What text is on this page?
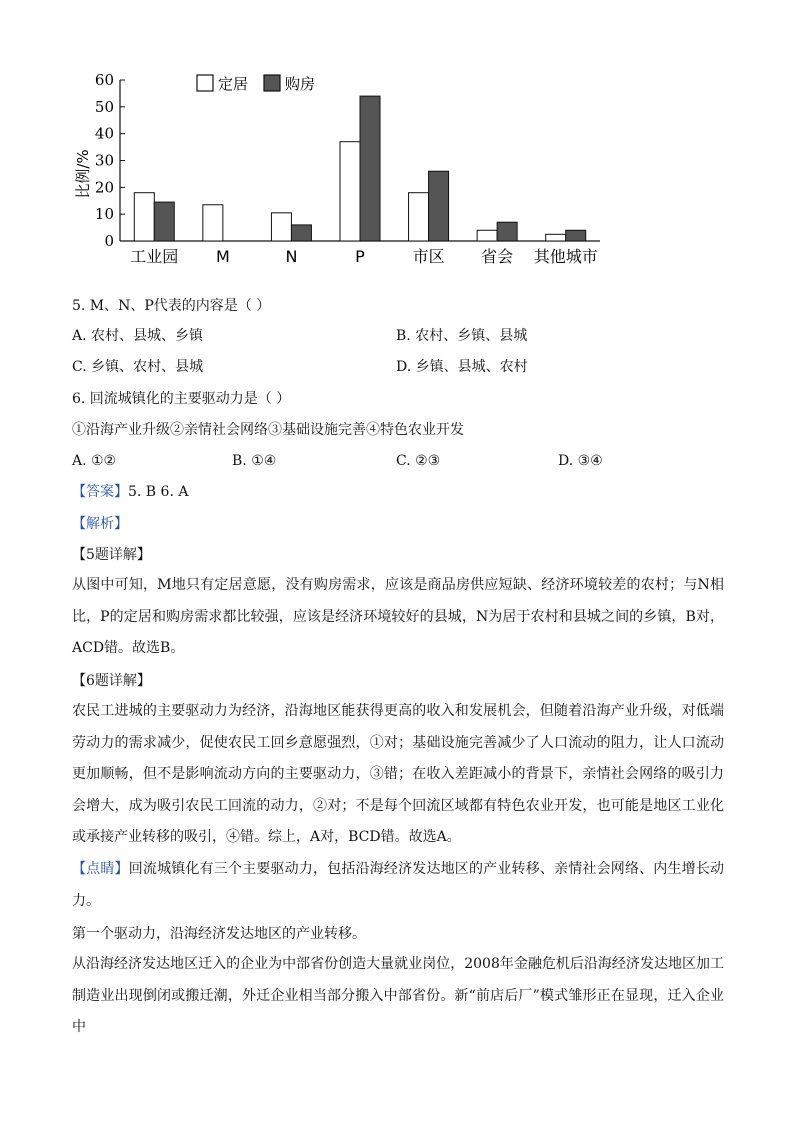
0
10
20
30
40
50
60
工业园 M	N	P	市区 省会 其他城市
定居 购房
比例/%
5. M、N、P代表的内容是（ ）
A. 农村、县城、乡镇	B. 农村、乡镇、县城
C. 乡镇、农村、县城	D. 乡镇、县城、农村
6. 回流城镇化的主要驱动力是（ ）
①沿海产业升级②亲情社会网络③基础设施完善④特色农业开发
A. ①②	B. ①④	C. ②③	D. ③④
【答案】5. B 6. A
【解析】
【5题详解】
从图中可知，M地只有定居意愿，没有购房需求，应该是商品房供应短缺、经济环境较差的农村；与N相比，P的定居和购房需求都比较强，应该是经济环境较好的县城，N为居于农村和县城之间的乡镇，B对，ACD错。故选B。
【6题详解】
农民工进城的主要驱动力为经济，沿海地区能获得更高的收入和发展机会，但随着沿海产业升级，对低端劳动力的需求减少，促使农民工回乡意愿强烈，①对；基础设施完善减少了人口流动的阻力，让人口流动更加顺畅，但不是影响流动方向的主要驱动力，③错；在收入差距减小的背景下，亲情社会网络的吸引力会增大，成为吸引农民工回流的动力，②对；不是每个回流区域都有特色农业开发，也可能是地区工业化或承接产业转移的吸引，④错。综上，A对，BCD错。故选A。
【点睛】回流城镇化有三个主要驱动力，包括沿海经济发达地区的产业转移、亲情社会网络、内生增长动力。
第一个驱动力，沿海经济发达地区的产业转移。
从沿海经济发达地区迁入的企业为中部省份创造大量就业岗位，2008年金融危机后沿海经济发达地区加工制造业出现倒闭或搬迁潮，外迁企业相当部分搬入中部省份。新“前店后厂”模式雏形正在显现，迁入企业中
